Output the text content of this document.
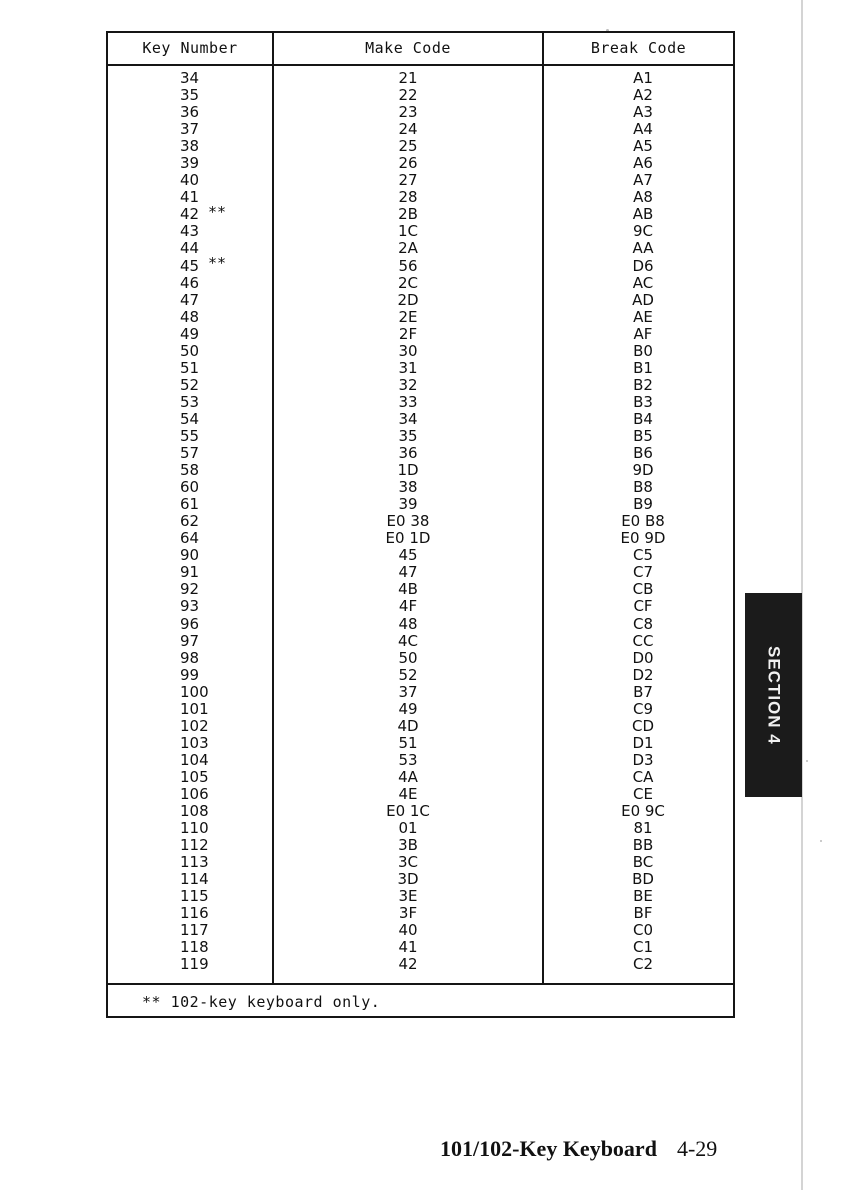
Key Number	Make Code	Break Code
34
35
36
37
38
39
40
41
42
43
44
45
46
47
48
49
50
51
52
53
54
55
57
58
60
61
62
64
90
91
92
93
96
97
98
99
100
101
102
103
104
105
106
108
110
112
113
114
115
116
117
118
119
21
22
23
24
25
26
27
28
2B
1C
2A
56
2C
2D
2E
2F
30
31
32
33
34
35
36
1D
38
39
E0 38
E0 1D
45
47
4B
4F
48
4C
50
52
37
49
4D
51
53
4A
4E
E0 1C
01
3B
3C
3D
3E
3F
40
41
42
A1
A2
A3
A4
A5
A6
A7
A8
AB
9C
AA
D6
AC
AD
AE
AF
B0
B1
B2
B3
B4
B5
B6
9D
B8
B9
E0 B8
E0 9D
C5
C7
CB
CF
C8
CC
D0
D2
B7
C9
CD
D1
D3
CA
CE
E0 9C
81
BB
BC
BD
BE
BF
C0
C1
C2
**
**
** 102-key keyboard only.
SECTION 4
101/102-Key Keyboard 4-29
